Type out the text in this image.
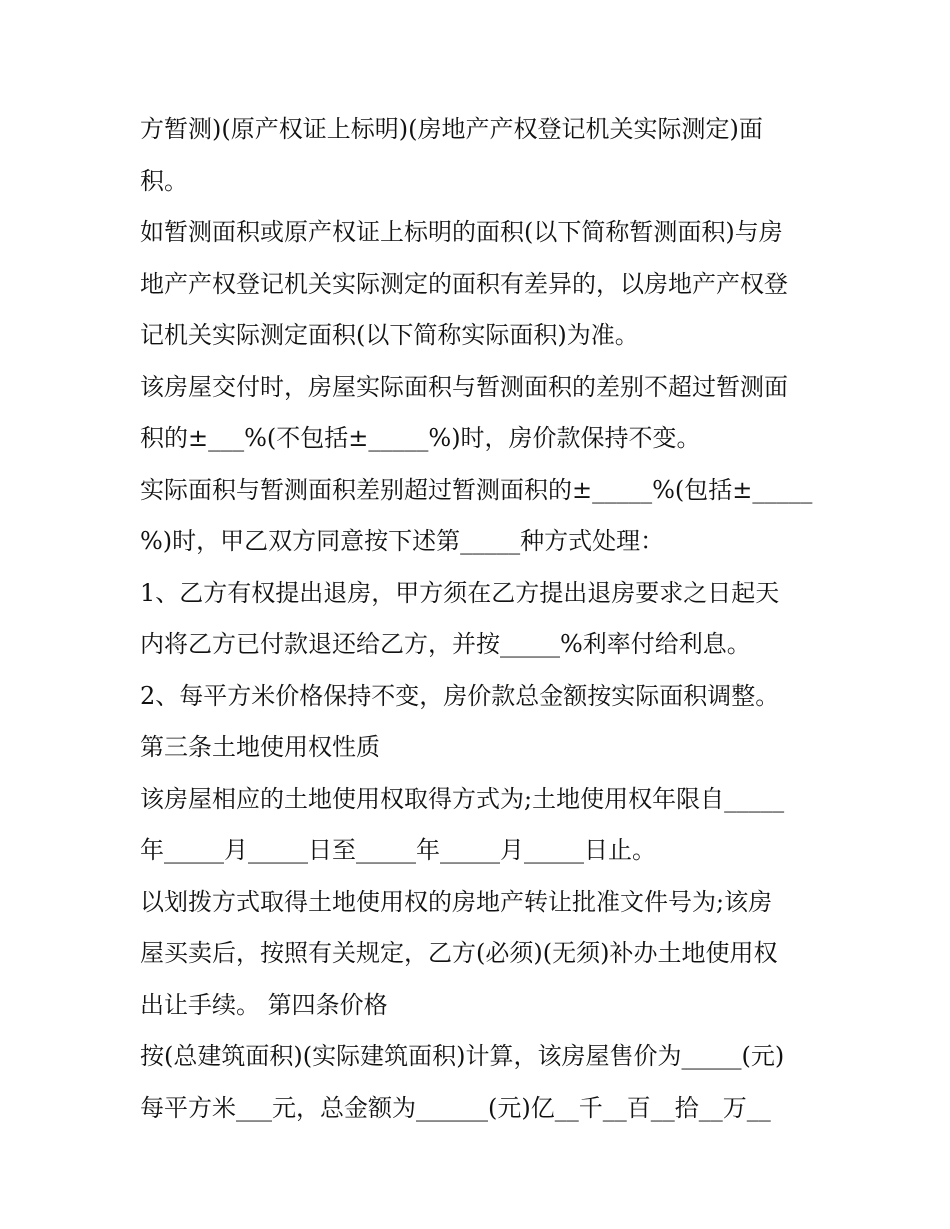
方暂测)(原产权证上标明)(房地产产权登记机关实际测定)面
积。
如暂测面积或原产权证上标明的面积(以下简称暂测面积)与房
地产产权登记机关实际测定的面积有差异的，以房地产产权登
记机关实际测定面积(以下简称实际面积)为准。
该房屋交付时，房屋实际面积与暂测面积的差别不超过暂测面
积的±___%(不包括±_____%)时，房价款保持不变。
实际面积与暂测面积差别超过暂测面积的±_____%(包括±_____
%)时，甲乙双方同意按下述第_____种方式处理：
1、乙方有权提出退房，甲方须在乙方提出退房要求之日起天
内将乙方已付款退还给乙方，并按_____%利率付给利息。
2、每平方米价格保持不变，房价款总金额按实际面积调整。
第三条土地使用权性质
该房屋相应的土地使用权取得方式为;土地使用权年限自_____
年_____月_____日至_____年_____月_____日止。
以划拨方式取得土地使用权的房地产转让批准文件号为;该房
屋买卖后，按照有关规定，乙方(必须)(无须)补办土地使用权
出让手续。 第四条价格
按(总建筑面积)(实际建筑面积)计算，该房屋售价为_____(元)
每平方米___元，总金额为______(元)亿__千__百__拾__万__
